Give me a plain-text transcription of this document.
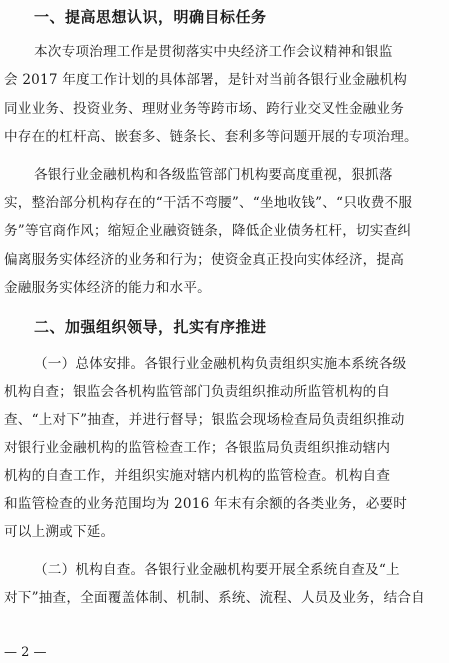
一、提高思想认识，明确目标任务
本次专项治理工作是贯彻落实中央经济工作会议精神和银监
会 2017 年度工作计划的具体部署，是针对当前各银行业金融机构
同业业务、投资业务、理财业务等跨市场、跨行业交叉性金融业务
中存在的杠杆高、嵌套多、链条长、套利多等问题开展的专项治理。
各银行业金融机构和各级监管部门机构要高度重视，狠抓落
实，整治部分机构存在的“干活不弯腰”、“坐地收钱”、“只收费不服
务”等官商作风；缩短企业融资链条，降低企业债务杠杆，切实查纠
偏离服务实体经济的业务和行为；使资金真正投向实体经济，提高
金融服务实体经济的能力和水平。
二、加强组织领导，扎实有序推进
（一）总体安排。各银行业金融机构负责组织实施本系统各级
机构自查；银监会各机构监管部门负责组织推动所监管机构的自
查、“上对下”抽查，并进行督导；银监会现场检查局负责组织推动
对银行业金融机构的监管检查工作；各银监局负责组织推动辖内
机构的自查工作，并组织实施对辖内机构的监管检查。机构自查
和监管检查的业务范围均为 2016 年末有余额的各类业务，必要时
可以上溯或下延。
（二）机构自查。各银行业金融机构要开展全系统自查及“上
对下”抽查，全面覆盖体制、机制、系统、流程、人员及业务，结合自
— 2 —
